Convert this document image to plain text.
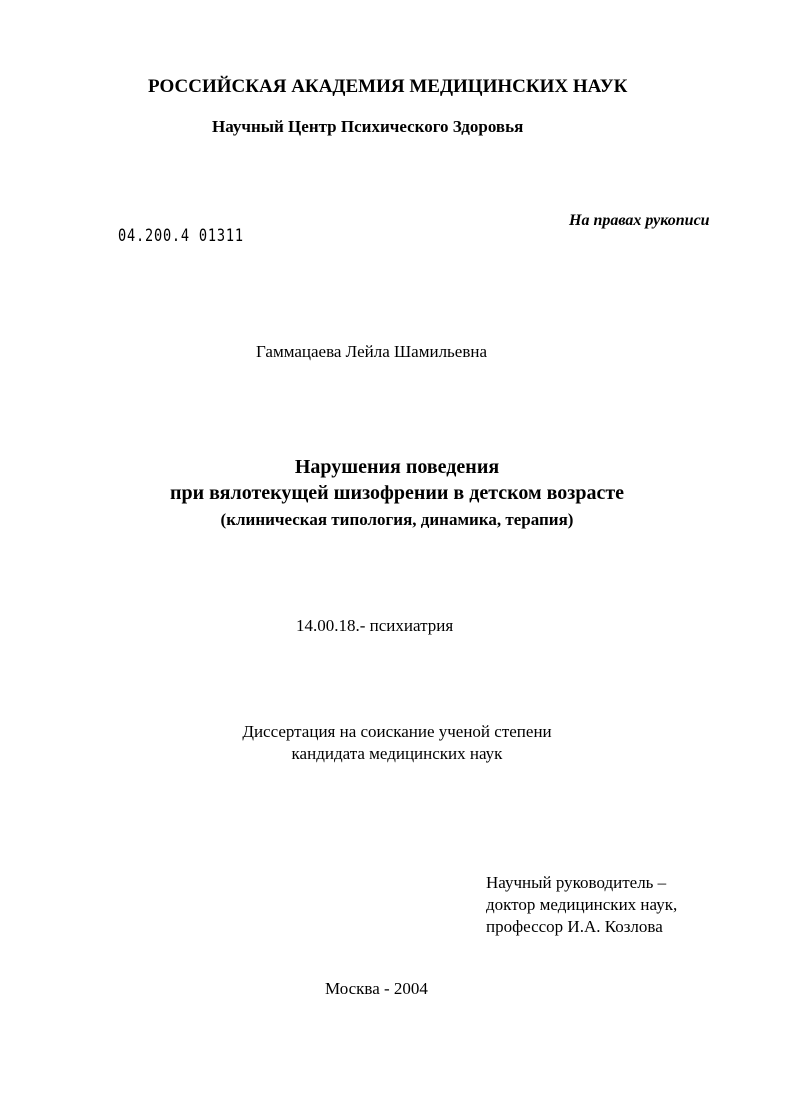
РОССИЙСКАЯ АКАДЕМИЯ МЕДИЦИНСКИХ НАУК
Научный Центр Психического Здоровья
04.200.4 01311
На правах рукописи
Гаммацаева Лейла Шамильевна
Нарушения поведения
при вялотекущей шизофрении в детском возрасте
(клиническая типология, динамика, терапия)
14.00.18.- психиатрия
Диссертация на соискание ученой степени
кандидата медицинских наук
Научный руководитель –
доктор медицинских наук,
профессор И.А. Козлова
Москва - 2004
